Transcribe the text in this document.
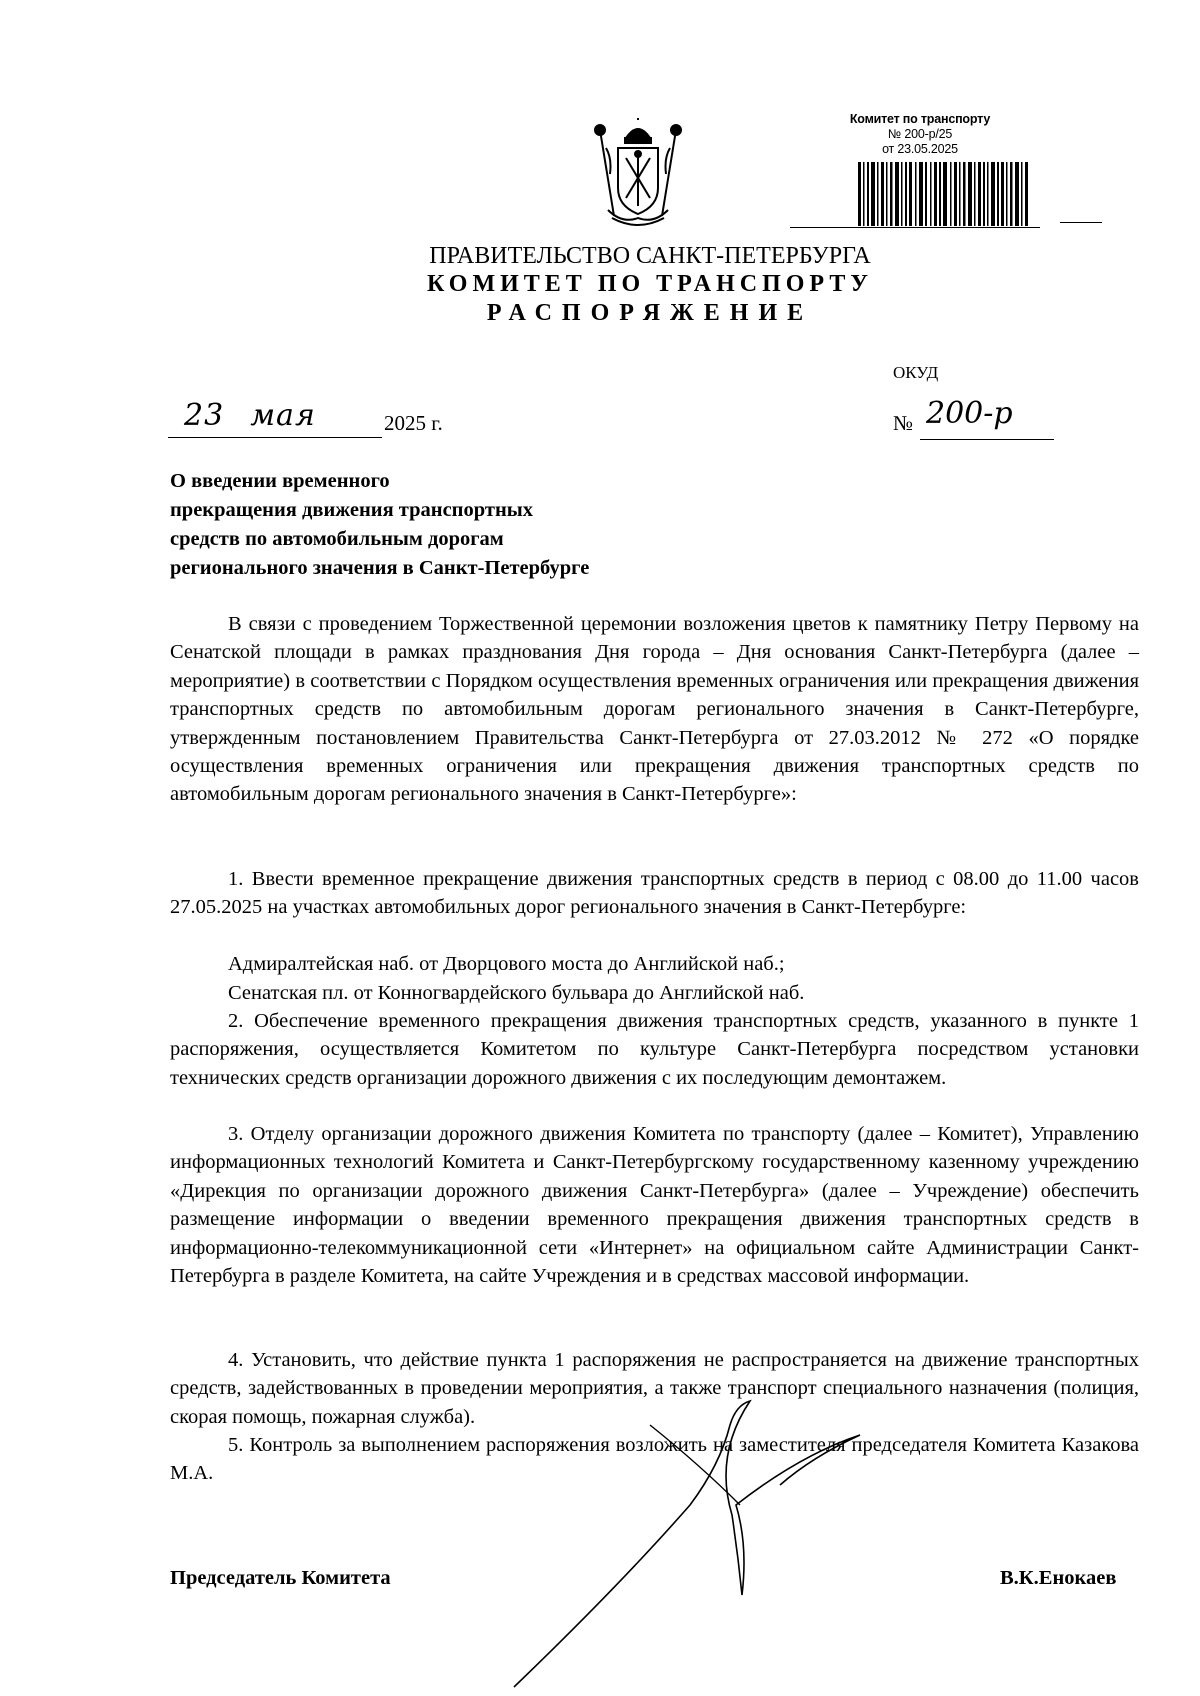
Комитет по транспорту
№ 200-р/25
от 23.05.2025
ПРАВИТЕЛЬСТВО САНКТ-ПЕТЕРБУРГА
КОМИТЕТ ПО ТРАНСПОРТУ
РАСПОРЯЖЕНИЕ
ОКУД
23 мая	2025 г.	№ 200-р
О введении временного
прекращения движения транспортных
средств по автомобильным дорогам
регионального значения в Санкт-Петербурге
В связи с проведением Торжественной церемонии возложения цветов к памятнику Петру Первому на Сенатской площади в рамках празднования Дня города – Дня основания Санкт-Петербурга (далее – мероприятие) в соответствии с Порядком осуществления временных ограничения или прекращения движения транспортных средств по автомобильным дорогам регионального значения в Санкт-Петербурге, утвержденным постановлением Правительства Санкт-Петербурга от 27.03.2012 № 272 «О порядке осуществления временных ограничения или прекращения движения транспортных средств по автомобильным дорогам регионального значения в Санкт-Петербурге»:
1. Ввести временное прекращение движения транспортных средств в период с 08.00 до 11.00 часов 27.05.2025 на участках автомобильных дорог регионального значения в Санкт-Петербурге:
Адмиралтейская наб. от Дворцового моста до Английской наб.;
Сенатская пл. от Конногвардейского бульвара до Английской наб.
2. Обеспечение временного прекращения движения транспортных средств, указанного в пункте 1 распоряжения, осуществляется Комитетом по культуре Санкт-Петербурга посредством установки технических средств организации дорожного движения с их последующим демонтажем.
3. Отделу организации дорожного движения Комитета по транспорту (далее – Комитет), Управлению информационных технологий Комитета и Санкт-Петербургскому государственному казенному учреждению «Дирекция по организации дорожного движения Санкт-Петербурга» (далее – Учреждение) обеспечить размещение информации о введении временного прекращения движения транспортных средств в информационно-телекоммуникационной сети «Интернет» на официальном сайте Администрации Санкт-Петербурга в разделе Комитета, на сайте Учреждения и в средствах массовой информации.
4. Установить, что действие пункта 1 распоряжения не распространяется на движение транспортных средств, задействованных в проведении мероприятия, а также транспорт специального назначения (полиция, скорая помощь, пожарная служба).
5. Контроль за выполнением распоряжения возложить на заместителя председателя Комитета Казакова М.А.
Председатель Комитета	В.К.Енокаев
